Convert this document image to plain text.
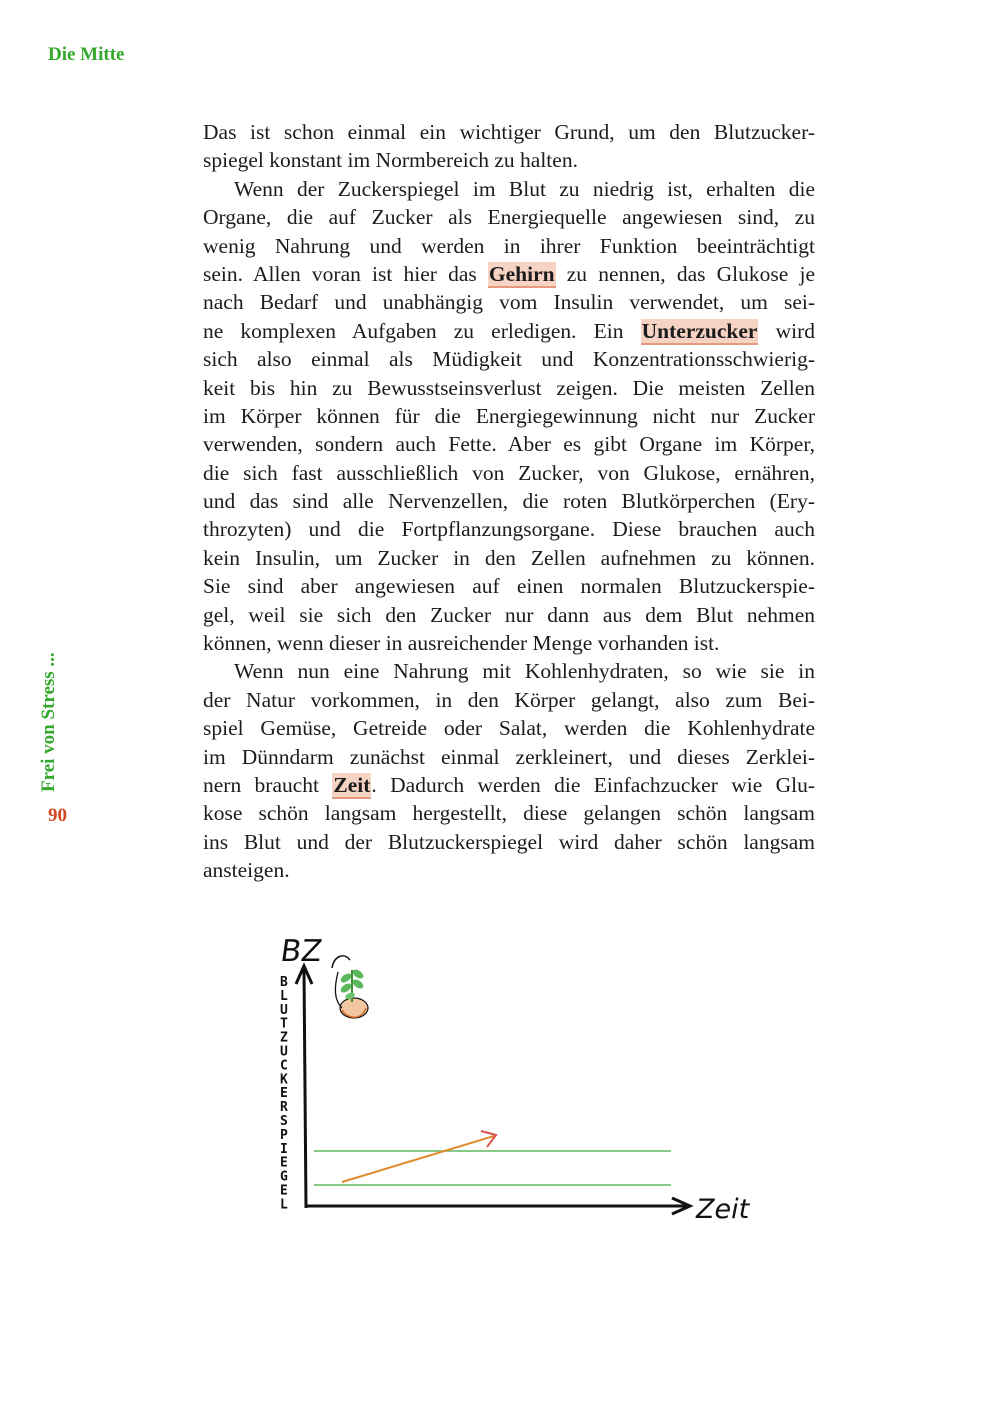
Die Mitte
Frei von Stress ...
90
Das ist schon einmal ein wichtiger Grund, um den Blutzucker-
spiegel konstant im Normbereich zu halten.
Wenn der Zuckerspiegel im Blut zu niedrig ist, erhalten die
Organe, die auf Zucker als Energiequelle angewiesen sind, zu
wenig Nahrung und werden in ihrer Funktion beeinträchtigt
sein. Allen voran ist hier das Gehirn zu nennen, das Glukose je
nach Bedarf und unabhängig vom Insulin verwendet, um sei-
ne komplexen Aufgaben zu erledigen. Ein Unterzucker wird
sich also einmal als Müdigkeit und Konzentrationsschwierig-
keit bis hin zu Bewusstseinsverlust zeigen. Die meisten Zellen
im Körper können für die Energiegewinnung nicht nur Zucker
verwenden, sondern auch Fette. Aber es gibt Organe im Körper,
die sich fast ausschließlich von Zucker, von Glukose, ernähren,
und das sind alle Nervenzellen, die roten Blutkörperchen (Ery-
throzyten) und die Fortpflanzungsorgane. Diese brauchen auch
kein Insulin, um Zucker in den Zellen aufnehmen zu können.
Sie sind aber angewiesen auf einen normalen Blutzuckerspie-
gel, weil sie sich den Zucker nur dann aus dem Blut nehmen
können, wenn dieser in ausreichender Menge vorhanden ist.
Wenn nun eine Nahrung mit Kohlenhydraten, so wie sie in
der Natur vorkommen, in den Körper gelangt, also zum Bei-
spiel Gemüse, Getreide oder Salat, werden die Kohlenhydrate
im Dünndarm zunächst einmal zerkleinert, und dieses Zerklei-
nern braucht Zeit. Dadurch werden die Einfachzucker wie Glu-
kose schön langsam hergestellt, diese gelangen schön langsam
ins Blut und der Blutzuckerspiegel wird daher schön langsam
ansteigen.
BZ
Zeit
B
L
U
T
Z
U
C
K
E
R
S
P
I
E
G
E
L
